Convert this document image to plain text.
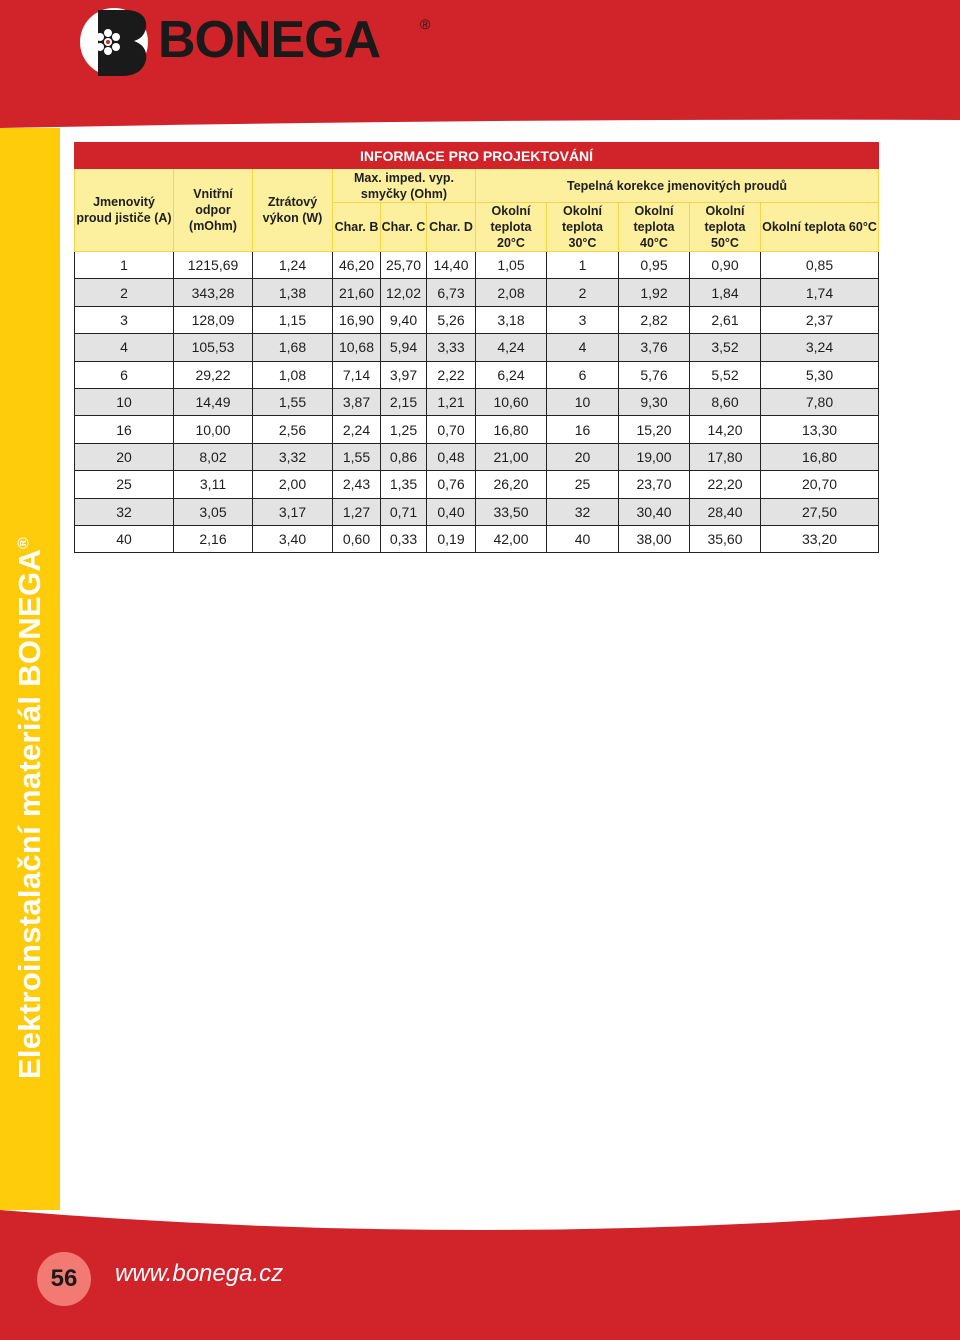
Elektroinstalační materiál BONEGA®
BONEGA	®
INFORMACE PRO PROJEKTOVÁNÍ										
Jmenovitý proud jističe (A)	Vnitřní odpor (mOhm)	Ztrátový výkon (W)	Max. imped. vyp. smyčky (Ohm)			Tepelná korekce jmenovitých proudů				
			Char. B	Char. C	Char. D	Okolní teplota 20°C	Okolní teplota 30°C	Okolní teplota 40°C	Okolní teplota 50°C	Okolní teplota 60°C

1	1215,69	1,24	46,20	25,70	14,40	1,05	1	0,95	0,90	0,85
2	343,28	1,38	21,60	12,02	6,73	2,08	2	1,92	1,84	1,74
3	128,09	1,15	16,90	9,40	5,26	3,18	3	2,82	2,61	2,37
4	105,53	1,68	10,68	5,94	3,33	4,24	4	3,76	3,52	3,24
6	29,22	1,08	7,14	3,97	2,22	6,24	6	5,76	5,52	5,30
10	14,49	1,55	3,87	2,15	1,21	10,60	10	9,30	8,60	7,80
16	10,00	2,56	2,24	1,25	0,70	16,80	16	15,20	14,20	13,30
20	8,02	3,32	1,55	0,86	0,48	21,00	20	19,00	17,80	16,80
25	3,11	2,00	2,43	1,35	0,76	26,20	25	23,70	22,20	20,70
32	3,05	3,17	1,27	0,71	0,40	33,50	32	30,40	28,40	27,50
40	2,16	3,40	0,60	0,33	0,19	42,00	40	38,00	35,60	33,20
56 www.bonega.cz
